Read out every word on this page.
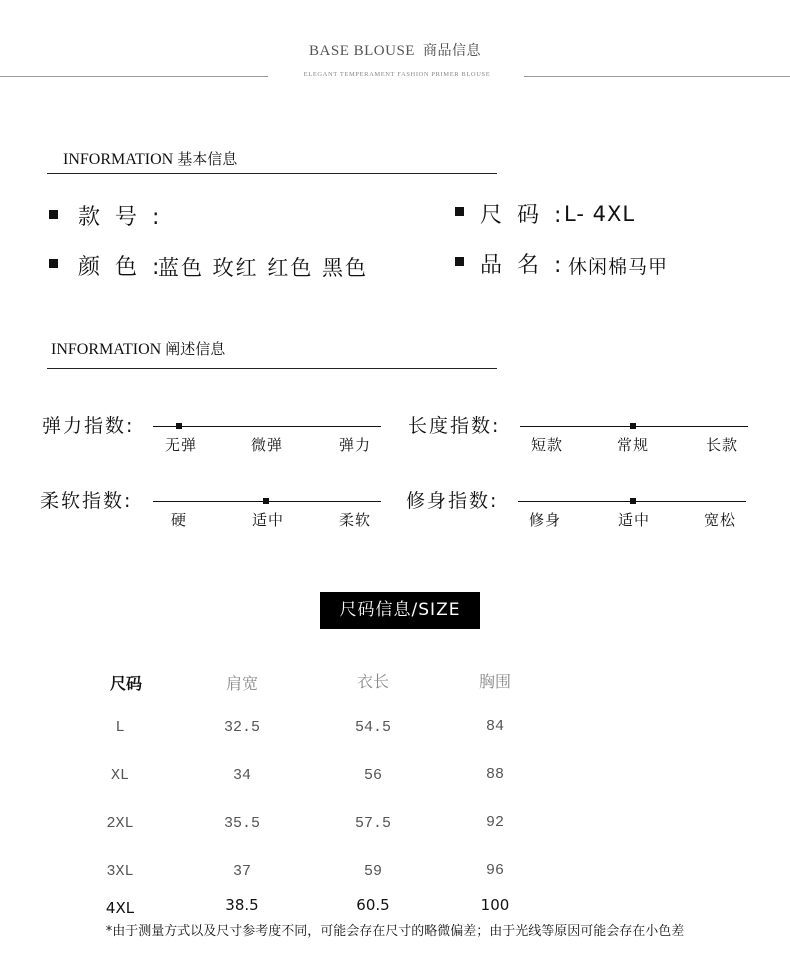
BASE BLOUSE 商品信息
ELEGANT TEMPERAMENT FASHION PRIMER BLOUSE
INFORMATION 基本信息
款 号 :	尺 码 :
L- 4XL
颜 色 :
蓝色 玫红 红色 黑色	品 名 : 休闲棉马甲
INFORMATION 阐述信息
弹力指数:
无弹	微弹	弹力
长度指数:
短款	常规	长款
柔软指数:
硬	适中	柔软
修身指数:
修身	适中	宽松
尺码信息/SIZE
尺码	肩宽	衣长	胸围
L	32.5	54.5	84
XL	34	56	88
2XL	35.5	57.5	92
3XL	37	59	96
4XL	38.5	60.5	100
*由于测量方式以及尺寸参考度不同，可能会存在尺寸的略微偏差；由于光线等原因可能会存在小色差
